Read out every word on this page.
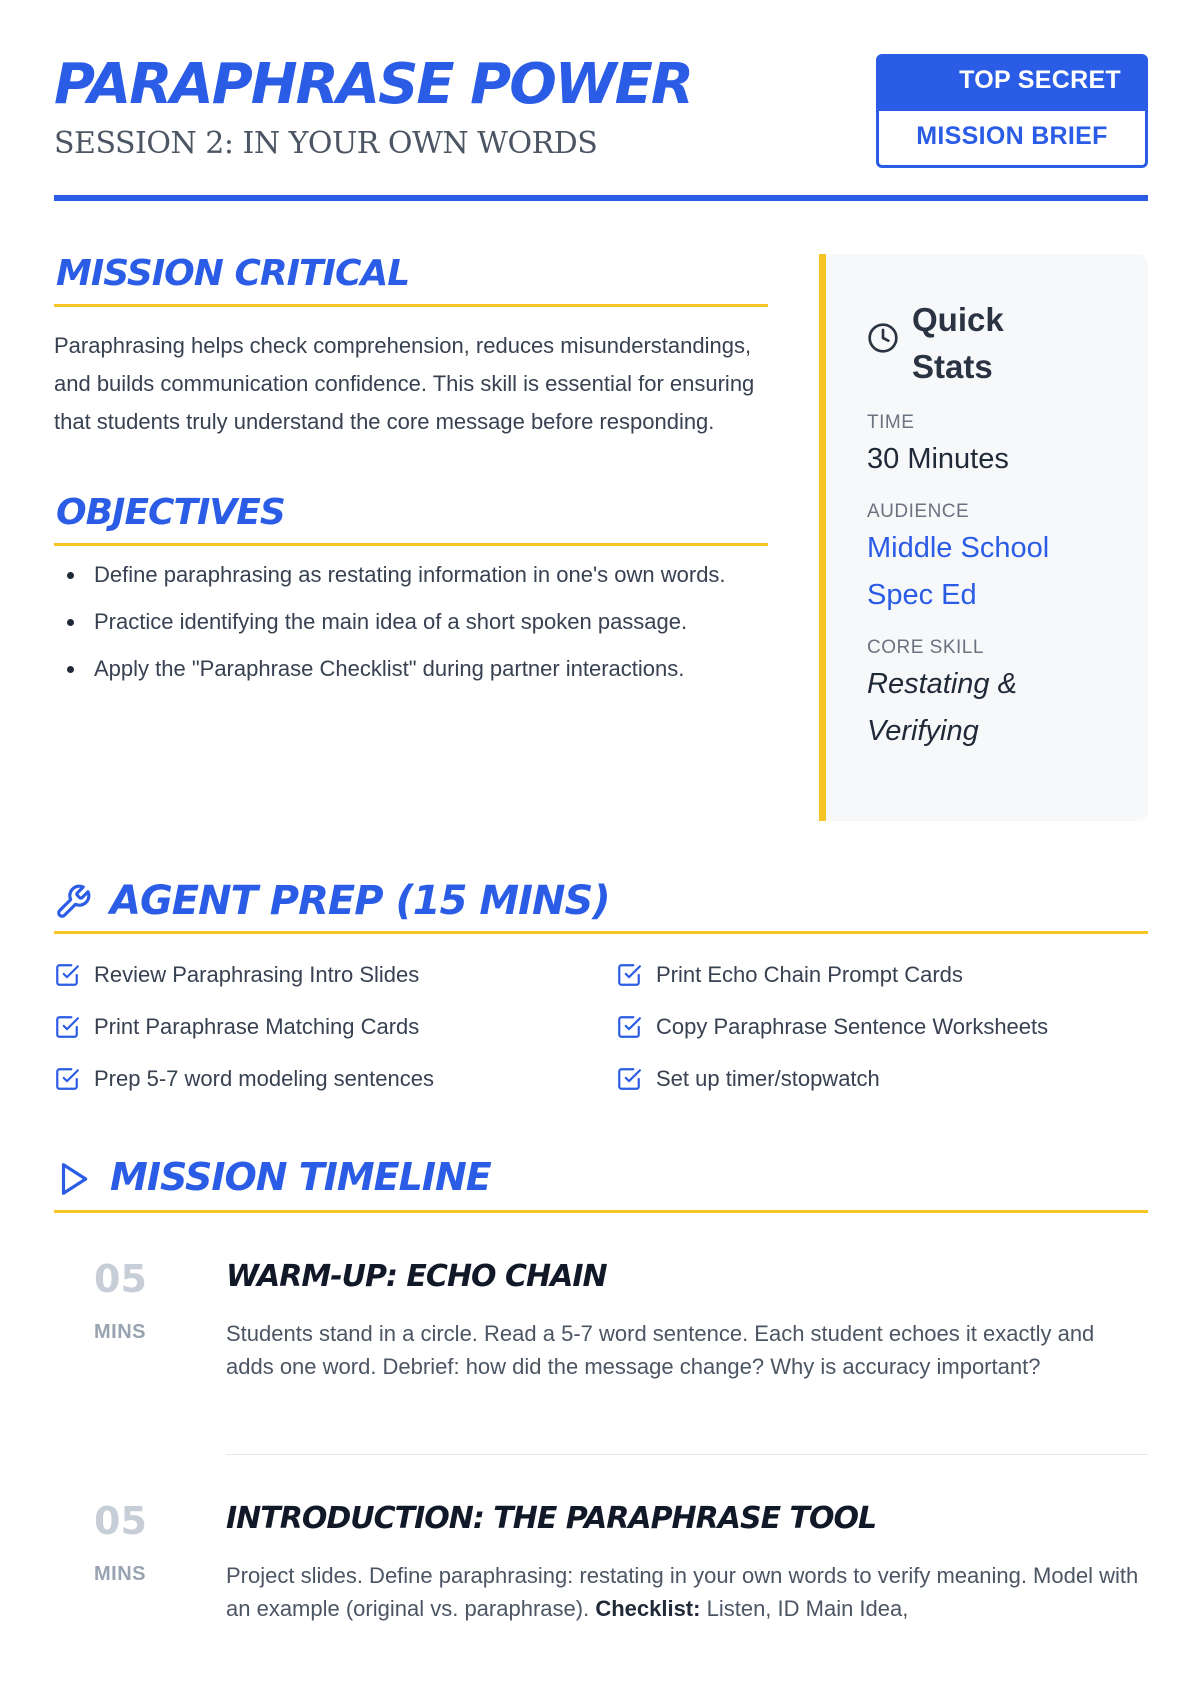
PARAPHRASE POWER
SESSION 2: IN YOUR OWN WORDS
TOP SECRET
MISSION BRIEF
MISSION CRITICAL

Paraphrasing helps check comprehension, reduces misunderstandings, and builds communication confidence. This skill is essential for ensuring that students truly understand the core message before responding.

OBJECTIVES
Define paraphrasing as restating information in one's own words.
Practice identifying the main idea of a short spoken passage.
Apply the "Paraphrase Checklist" during partner interactions.
Quick Stats
TIME
30 Minutes
AUDIENCE
Middle School
Spec Ed
CORE SKILL
Restating &
Verifying
AGENT PREP (15 MINS)
Review Paraphrasing Intro Slides	Print Echo Chain Prompt Cards
Print Paraphrase Matching Cards	Copy Paraphrase Sentence Worksheets
Prep 5-7 word modeling sentences	Set up timer/stopwatch
MISSION TIMELINE
05
MINS
WARM-UP: ECHO CHAIN
Students stand in a circle. Read a 5-7 word sentence. Each student echoes it exactly and adds one word. Debrief: how did the message change? Why is accuracy important?
05
MINS
INTRODUCTION: THE PARAPHRASE TOOL
Project slides. Define paraphrasing: restating in your own words to verify meaning. Model with an example (original vs. paraphrase). Checklist: Listen, ID Main Idea,
